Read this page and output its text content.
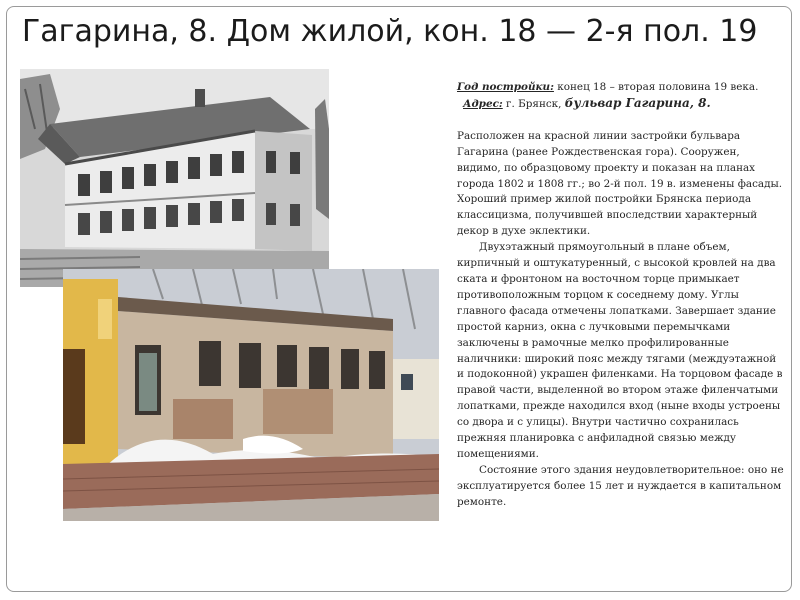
Гагарина, 8. Дом жилой, кон. 18 — 2-я пол. 19

Год постройки: конец 18 – вторая половина 19 века.

Адрес: г. Брянск, бульвар Гагарина, 8.

Расположен на красной линии застройки бульвара Гагарина (ранее Рождественская гора). Сооружен, видимо, по образцовому проекту и показан на планах города 1802 и 1808 гг.; во 2-й пол. 19 в. изменены фасады. Хороший пример жилой постройки Брянска периода классицизма, получившей впоследствии характерный декор в духе эклектики.

Двухэтажный прямоугольный в плане объем, кирпичный и оштукатуренный, с высокой кровлей на два ската и фронтоном на восточном торце примыкает противоположным торцом к соседнему дому. Углы главного фасада отмечены лопатками. Завершает здание простой карниз, окна с лучковыми перемычками заключены в рамочные мелко профилированные наличники: широкий пояс между тягами (междуэтажной и подоконной) украшен филенками. На торцовом фасаде в правой части, выделенной во втором этаже филенчатыми лопатками, прежде находился вход (ныне входы устроены со двора и с улицы). Внутри частично сохранилась прежняя планировка с анфиладной связью между помещениями.

Состояние этого здания неудовлетворительное: оно не эксплуатируется более 15 лет и нуждается в капитальном ремонте.
